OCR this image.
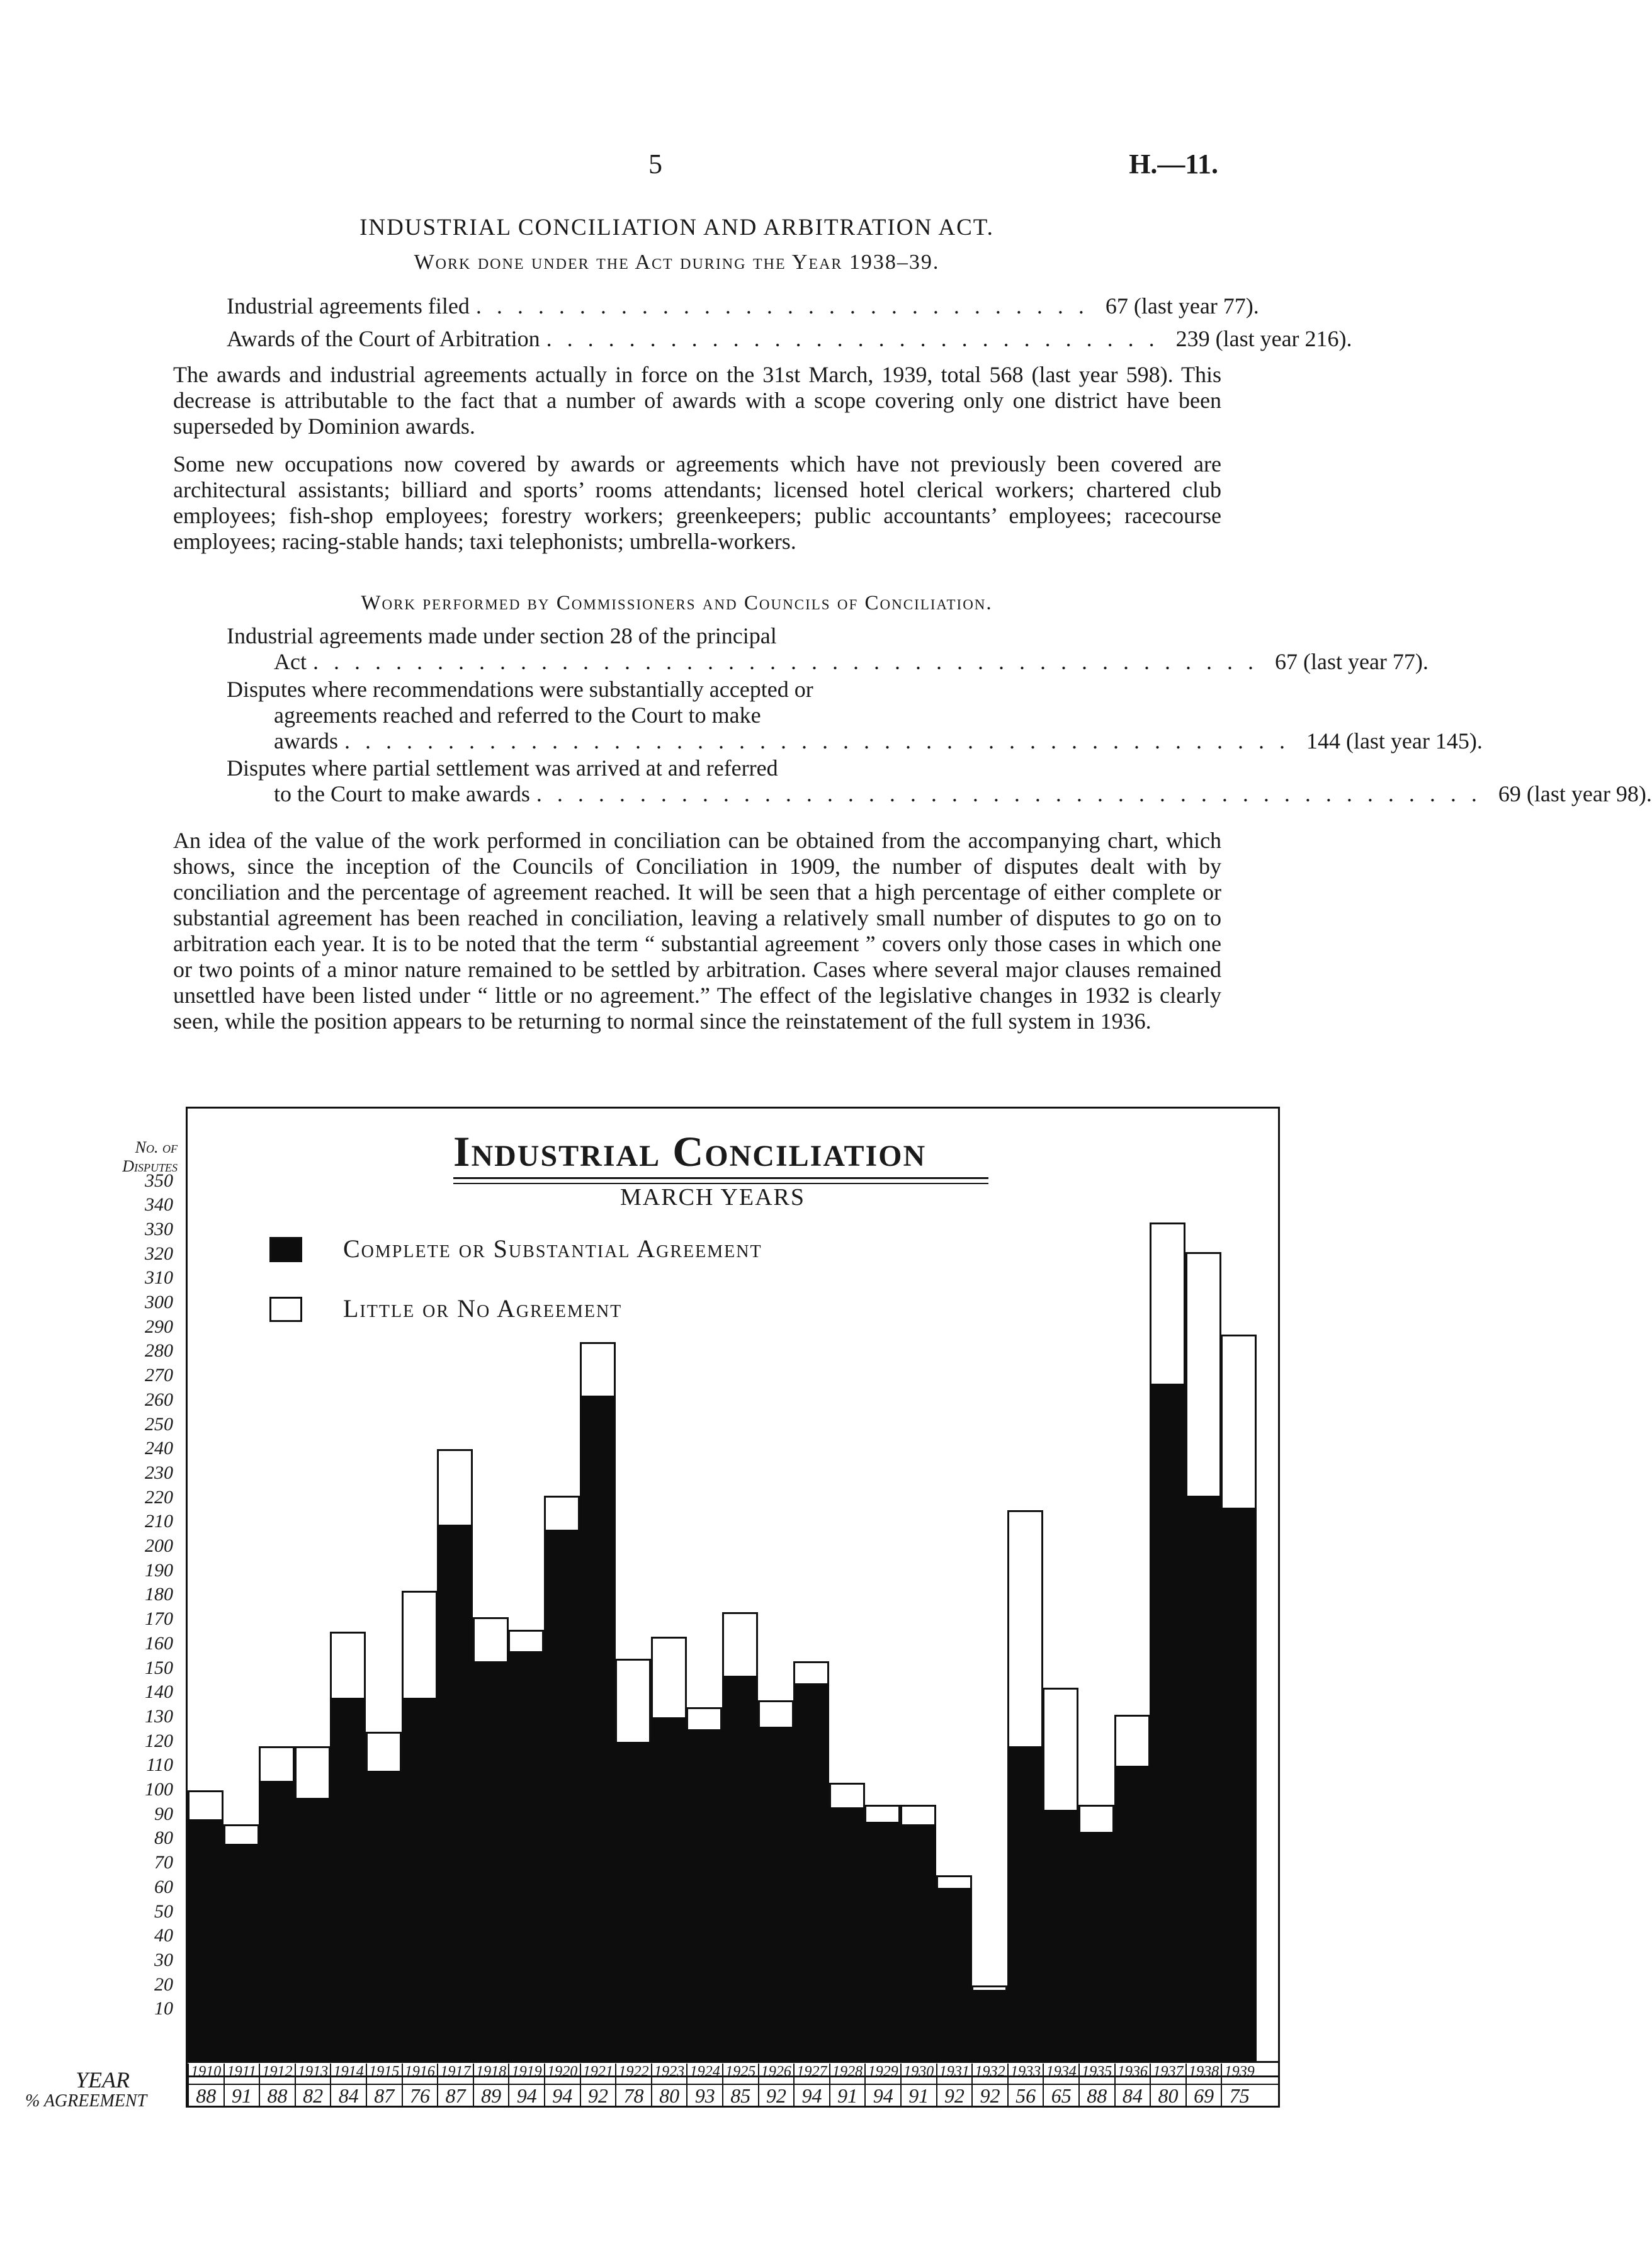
5	H.—11.
INDUSTRIAL CONCILIATION AND ARBITRATION ACT.
Work done under the Act during the Year 1938–39.
Industrial agreements filed .............................. 67 (last year 77).
Awards of the Court of Arbitration .............................. 239 (last year 216).
The awards and industrial agreements actually in force on the 31st March, 1939, total 568 (last year 598). This decrease is attributable to the fact that a number of awards with a scope covering only one district have been superseded by Dominion awards.
Some new occupations now covered by awards or agreements which have not previously been covered are architectural assistants; billiard and sports’ rooms attendants; licensed hotel clerical workers; chartered club employees; fish-shop employees; forestry workers; greenkeepers; public accountants’ employees; racecourse employees; racing-stable hands; taxi telephonists; umbrella-workers.
Work performed by Commissioners and Councils of Conciliation.
Industrial agreements made under section 28 of the principal
Act .............................................. 67 (last year 77).
Disputes where recommendations were substantially accepted or
agreements reached and referred to the Court to make
awards .............................................. 144 (last year 145).
Disputes where partial settlement was arrived at and referred
to the Court to make awards .............................................. 69 (last year 98).
An idea of the value of the work performed in conciliation can be obtained from the accompanying chart, which shows, since the inception of the Councils of Conciliation in 1909, the number of disputes dealt with by conciliation and the percentage of agreement reached. It will be seen that a high percentage of either complete or substantial agreement has been reached in conciliation, leaving a relatively small number of disputes to go on to arbitration each year. It is to be noted that the term “ substantial agreement ” covers only those cases in which one or two points of a minor nature remained to be settled by arbitration. Cases where several major clauses remained unsettled have been listed under “ little or no agreement.” The effect of the legislative changes in 1932 is clearly seen, while the position appears to be returning to normal since the reinstatement of the full system in 1936.
No. of Disputes	Industrial Conciliation
MARCH YEARS
Complete or Substantial Agreement
Little or No Agreement
10
20
30
40
50
60
70
80
90
100
110
120
130
140
150
160
170
180
190
200
210
220
230
240
250
260
270
280
290
300
310
320
330
340
350
YEAR
% AGREEMENT
1910
88
1911
91
1912
88
1913
82
1914
84
1915
87
1916
76
1917
87
1918
89
1919
94
1920
94
1921
92
1922
78
1923
80
1924
93
1925
85
1926
92
1927
94
1928
91
1929
94
1930
91
1931
92
1932
92
1933
56
1934
65
1935
88
1936
84
1937
80
1938
69
1939
75
